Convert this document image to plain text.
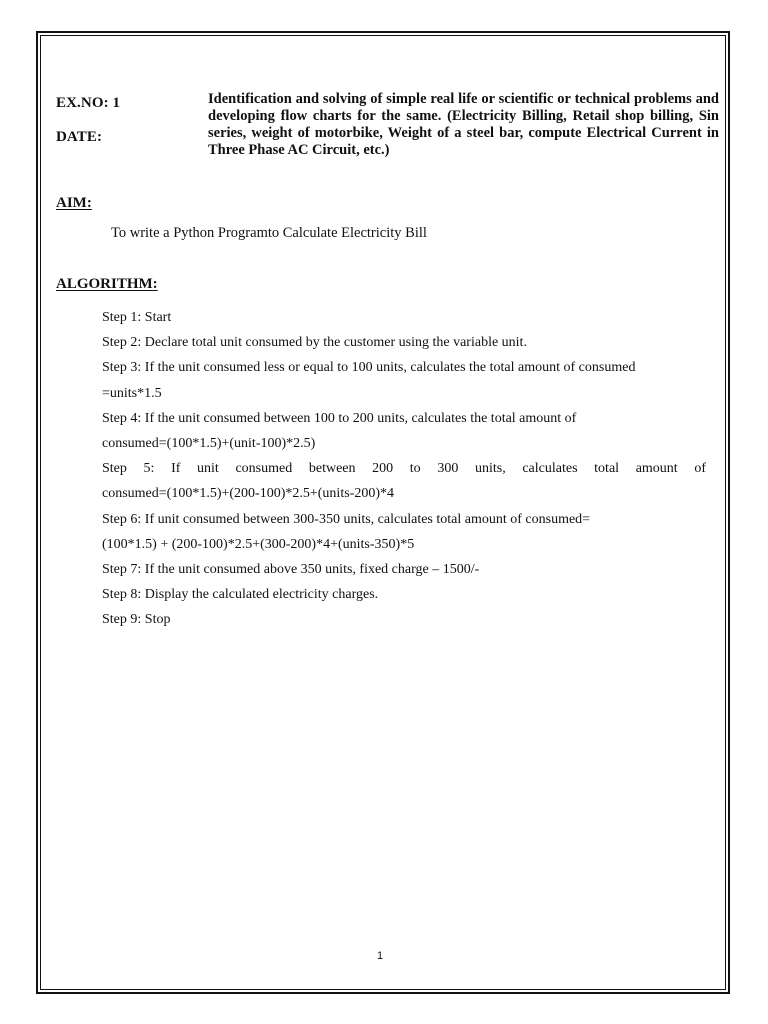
EX.NO: 1
DATE:
Identification and solving of simple real life or scientific or technical problems and developing flow charts for the same. (Electricity Billing, Retail shop billing, Sin series, weight of motorbike, Weight of a steel bar, compute Electrical Current in Three Phase AC Circuit, etc.)
AIM:
To write a Python Programto Calculate Electricity Bill
ALGORITHM:
Step 1: Start
Step 2: Declare total unit consumed by the customer using the variable unit.
Step 3: If the unit consumed less or equal to 100 units, calculates the total amount of consumed
=units*1.5
Step 4: If the unit consumed between 100 to 200 units, calculates the total amount of
consumed=(100*1.5)+(unit-100)*2.5)
Step 5: If unit consumed between 200 to 300 units, calculates total amount of
consumed=(100*1.5)+(200-100)*2.5+(units-200)*4
Step 6: If unit consumed between 300-350 units, calculates total amount of consumed=
(100*1.5) + (200-100)*2.5+(300-200)*4+(units-350)*5
Step 7: If the unit consumed above 350 units, fixed charge – 1500/-
Step 8: Display the calculated electricity charges.
Step 9: Stop
1
